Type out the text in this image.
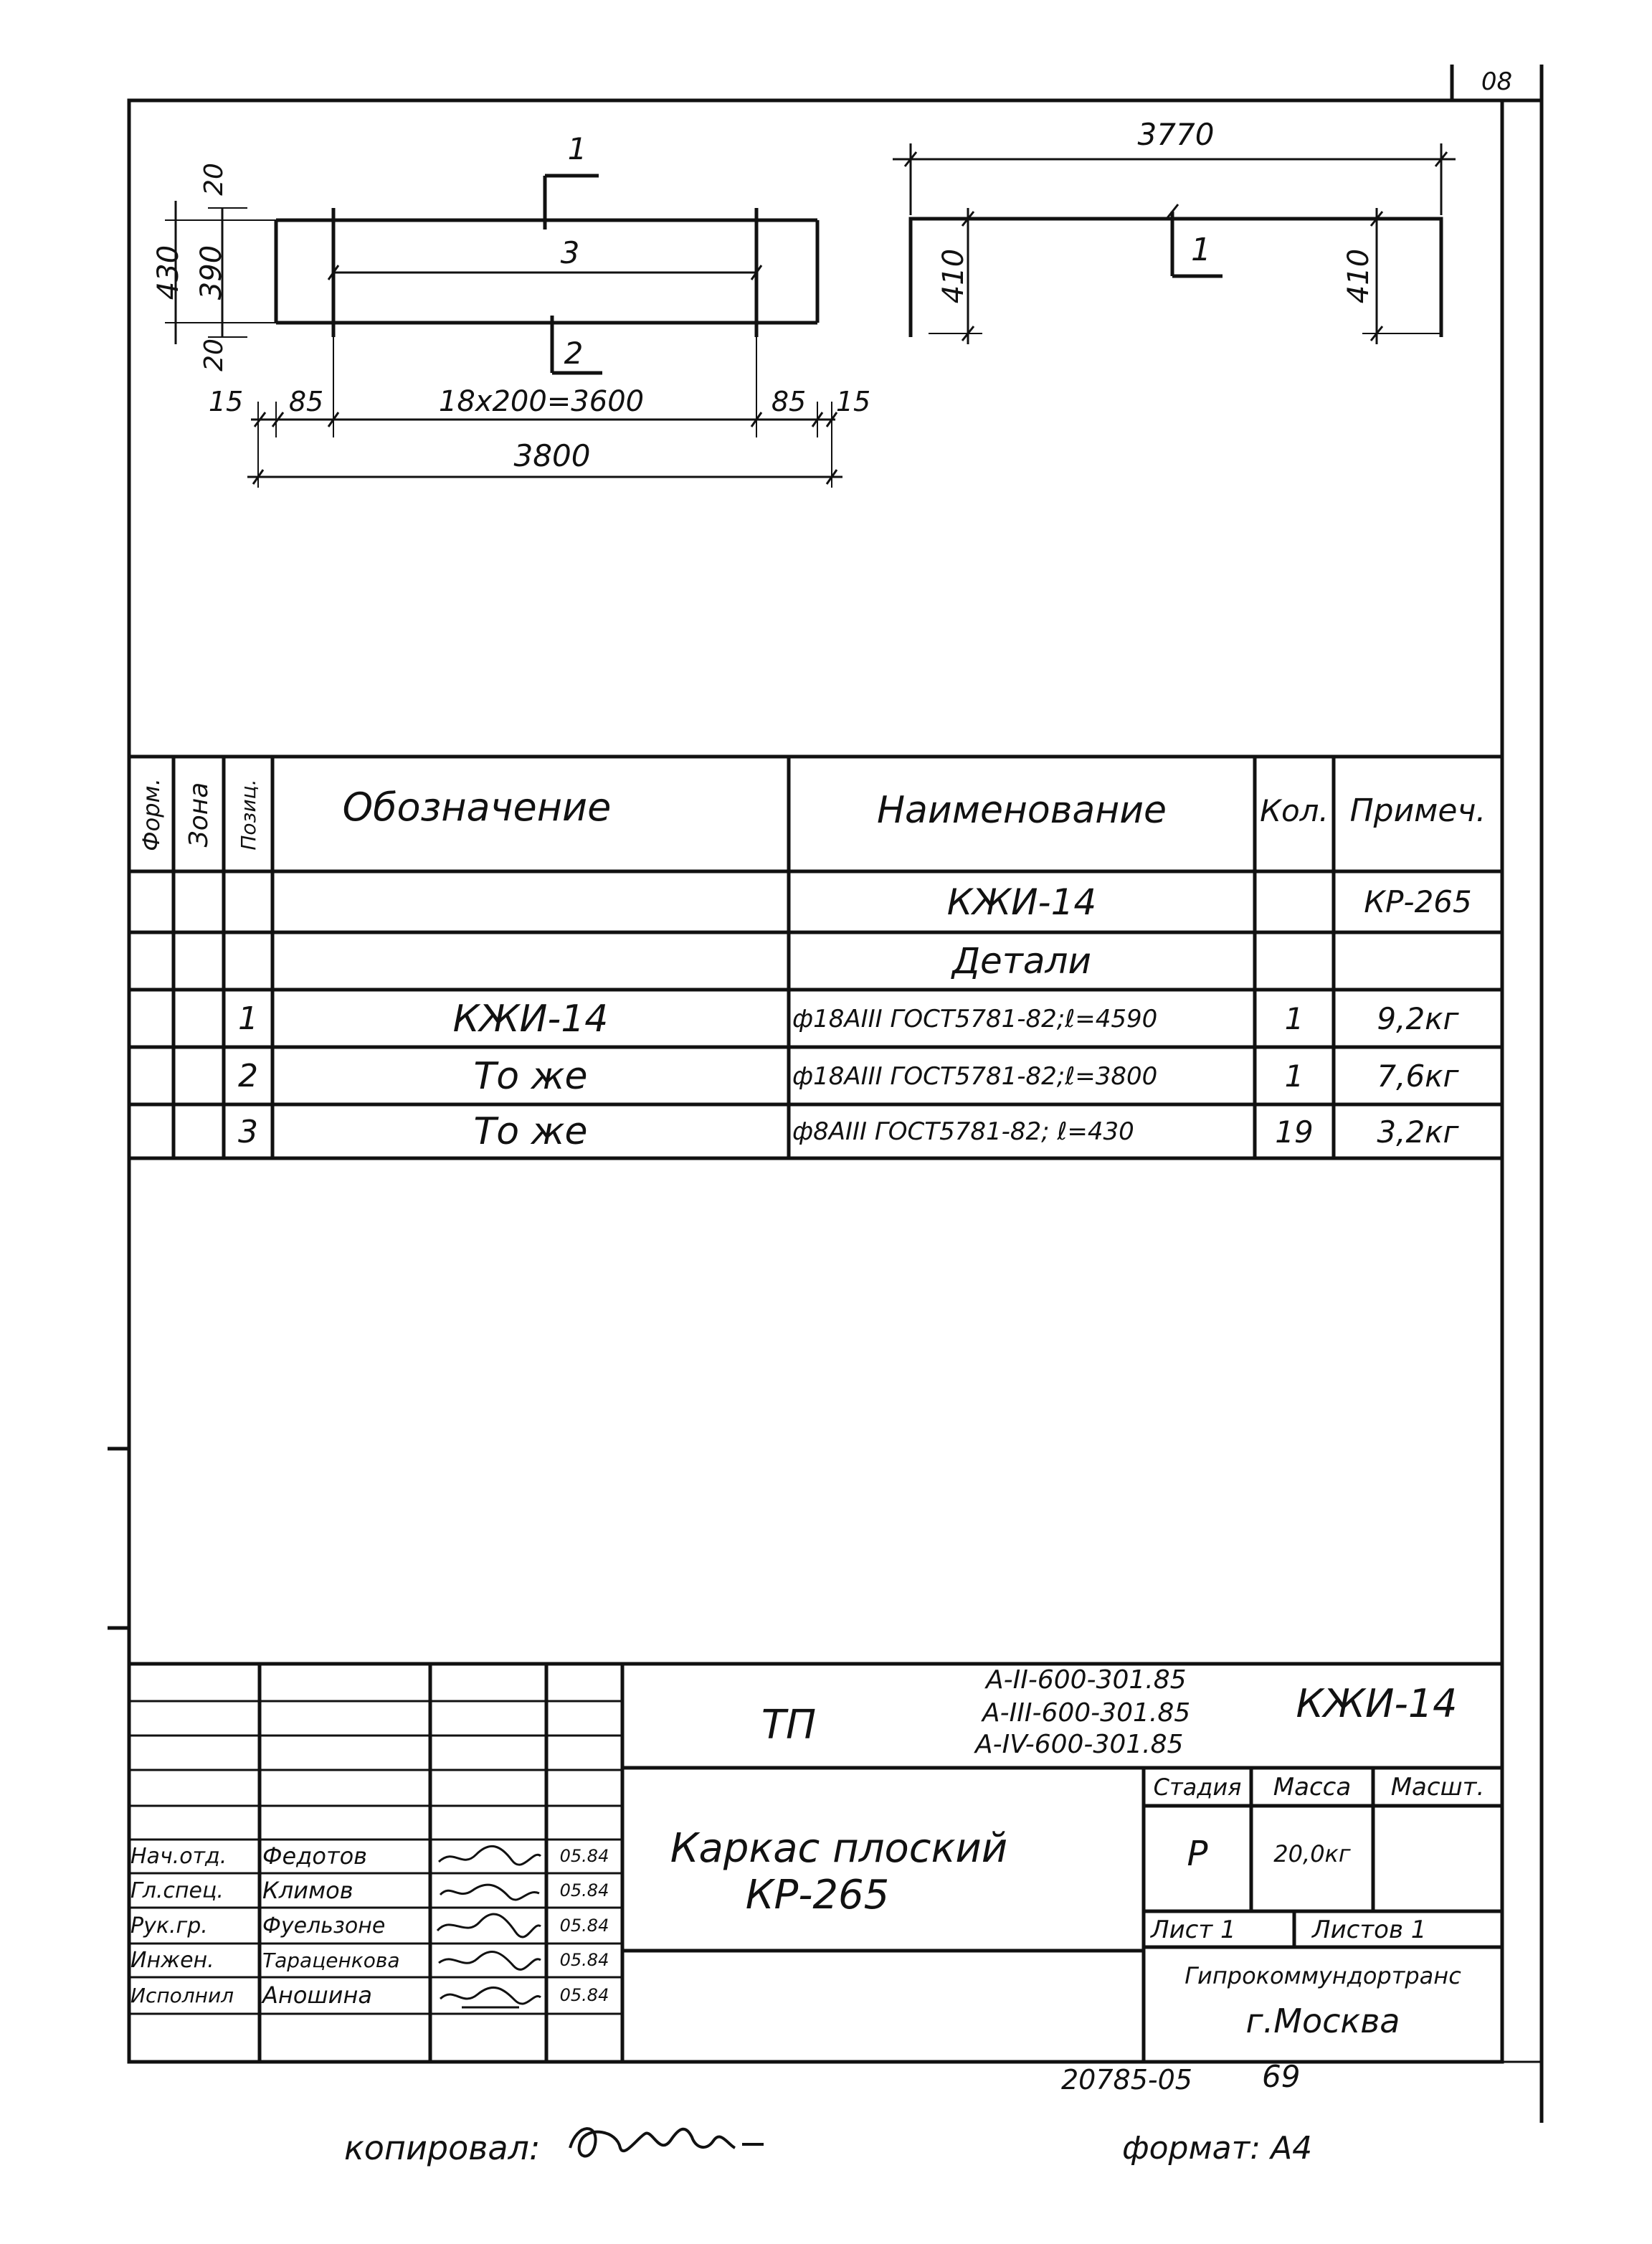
08
430 390
20
20
1
3
2
15 85	18x200=3600	85 15
3800
3770
410	410
1
Форм. Зона Позиц.	Обозначение	Наименование	Кол. Примеч.
КЖИ-14	КР-265
Детали
1	КЖИ-14	ф18АIII ГОСТ5781-82;ℓ=4590	1	9,2кг
2	То же	ф18АIII ГОСТ5781-82;ℓ=3800	1	7,6кг
3	То же	ф8АIII ГОСТ5781-82; ℓ=430	19	3,2кг
ТП
А-II-600-301.85
А-III-600-301.85
А-IV-600-301.85
КЖИ-14
Стадия	Масса	Масшт.
Р	20,0кг
Каркас плоский
КР-265
Лист 1	Листов 1
Гипрокоммундортранс
г.Москва
Нач.отд.	Федотов	05.84
Гл.спец.	Климов	05.84
Рук.гр.	Фуельзоне	05.84
Инжен.	Тараценкова	05.84
Исполнил	Аношина	05.84
20785-05	69
копировал:	формат: А4
